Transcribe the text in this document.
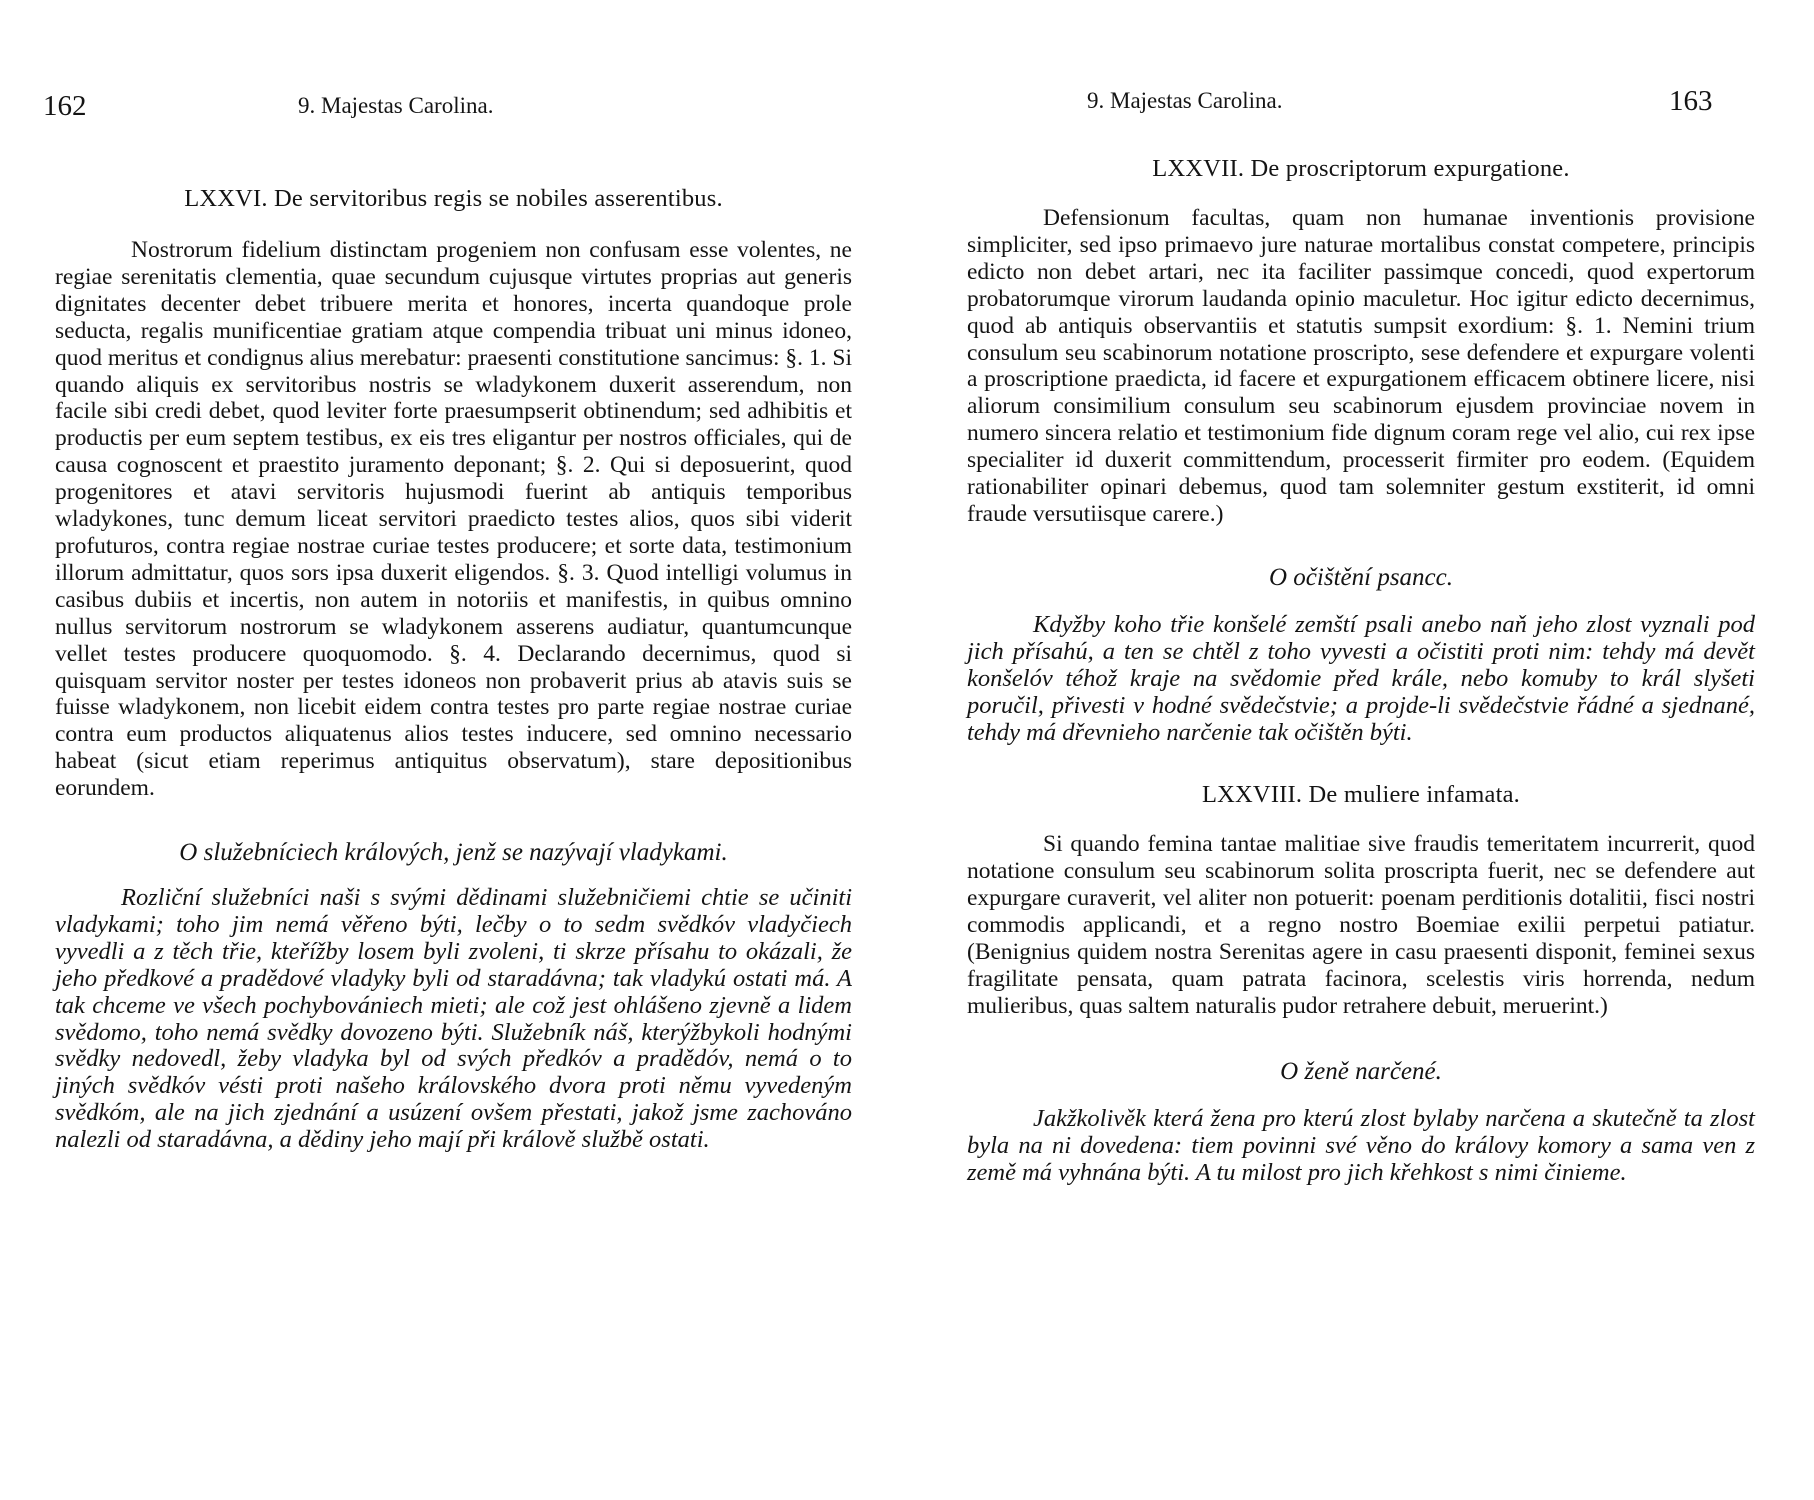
162	9. Majestas Carolina.

LXXVI. De servitoribus regis se nobiles asserentibus.

Nostrorum fidelium distinctam progeniem non confusam esse volentes, ne regiae serenitatis clementia, quae secundum cujusque virtutes proprias aut generis dignitates decenter debet tribuere merita et honores, incerta quandoque prole seducta, regalis munificentiae gratiam atque compendia tribuat uni minus idoneo, quod meritus et condignus alius merebatur: praesenti constitutione sancimus: §. 1. Si quando aliquis ex servitoribus nostris se wladykonem duxerit asserendum, non facile sibi credi debet, quod leviter forte praesumpserit obtinendum; sed adhibitis et productis per eum septem testibus, ex eis tres eligantur per nostros officiales, qui de causa cognoscent et praestito juramento deponant; §. 2. Qui si deposuerint, quod progenitores et atavi servitoris hujusmodi fuerint ab antiquis temporibus wladykones, tunc demum liceat servitori praedicto testes alios, quos sibi viderit profuturos, contra regiae nostrae curiae testes producere; et sorte data, testimonium illorum admittatur, quos sors ipsa duxerit eligendos. §. 3. Quod intelligi volumus in casibus dubiis et incertis, non autem in notoriis et manifestis, in quibus omnino nullus servitorum nostrorum se wladykonem asserens audiatur, quantumcunque vellet testes producere quoquomodo. §. 4. Declarando decernimus, quod si quisquam servitor noster per testes idoneos non probaverit prius ab atavis suis se fuisse wladykonem, non licebit eidem contra testes pro parte regiae nostrae curiae contra eum productos aliquatenus alios testes inducere, sed omnino necessario habeat (sicut etiam reperimus antiquitus observatum), stare depositionibus eorundem.

O služebníciech králových, jenž se nazývají vladykami.

Rozliční služebníci naši s svými dědinami služebničiemi chtie se učiniti vladykami; toho jim nemá věřeno býti, lečby o to sedm svědkóv vladyčiech vyvedli a z těch třie, kteřížby losem byli zvoleni, ti skrze přísahu to okázali, že jeho předkové a pradědové vladyky byli od staradávna; tak vladykú ostati má. A tak chceme ve všech pochybovániech mieti; ale což jest ohlášeno zjevně a lidem svědomo, toho nemá svědky dovozeno býti. Služebník náš, kterýžbykoli hodnými svědky nedovedl, žeby vladyka byl od svých předkóv a pradědóv, nemá o to jiných svědkóv vésti proti našeho královského dvora proti němu vyvedeným svědkóm, ale na jich zjednání a usúzení ovšem přestati, jakož jsme zachováno nalezli od staradávna, a dědiny jeho mají při králově službě ostati.

9. Majestas Carolina.	163

LXXVII. De proscriptorum expurgatione.

Defensionum facultas, quam non humanae inventionis provisione simpliciter, sed ipso primaevo jure naturae mortalibus constat competere, principis edicto non debet artari, nec ita faciliter passimque concedi, quod expertorum probatorumque virorum laudanda opinio maculetur. Hoc igitur edicto decernimus, quod ab antiquis observantiis et statutis sumpsit exordium: §. 1. Nemini trium consulum seu scabinorum notatione proscripto, sese defendere et expurgare volenti a proscriptione praedicta, id facere et expurgationem efficacem obtinere licere, nisi aliorum consimilium consulum seu scabinorum ejusdem provinciae novem in numero sincera relatio et testimonium fide dignum coram rege vel alio, cui rex ipse specialiter id duxerit committendum, processerit firmiter pro eodem. (Equidem rationabiliter opinari debemus, quod tam solemniter gestum exstiterit, id omni fraude versutiisque carere.)

O očištění psancc.

Kdyžby koho třie konšelé zemští psali anebo naň jeho zlost vyznali pod jich přísahú, a ten se chtěl z toho vyvesti a očistiti proti nim: tehdy má devět konšelóv téhož kraje na svědomie před krále, nebo komuby to král slyšeti poručil, přivesti v hodné svědečstvie; a projde-li svědečstvie řádné a sjednané, tehdy má dřevnieho narčenie tak očištěn býti.

LXXVIII. De muliere infamata.

Si quando femina tantae malitiae sive fraudis temeritatem incurrerit, quod notatione consulum seu scabinorum solita proscripta fuerit, nec se defendere aut expurgare curaverit, vel aliter non potuerit: poenam perditionis dotalitii, fisci nostri commodis applicandi, et a regno nostro Boemiae exilii perpetui patiatur. (Benignius quidem nostra Serenitas agere in casu praesenti disponit, feminei sexus fragilitate pensata, quam patrata facinora, scelestis viris horrenda, nedum mulieribus, quas saltem naturalis pudor retrahere debuit, meruerint.)

O ženě narčené.

Jakžkolivěk která žena pro kterú zlost bylaby narčena a skutečně ta zlost byla na ni dovedena: tiem povinni své věno do královy komory a sama ven z země má vyhnána býti. A tu milost pro jich křehkost s nimi činieme.
